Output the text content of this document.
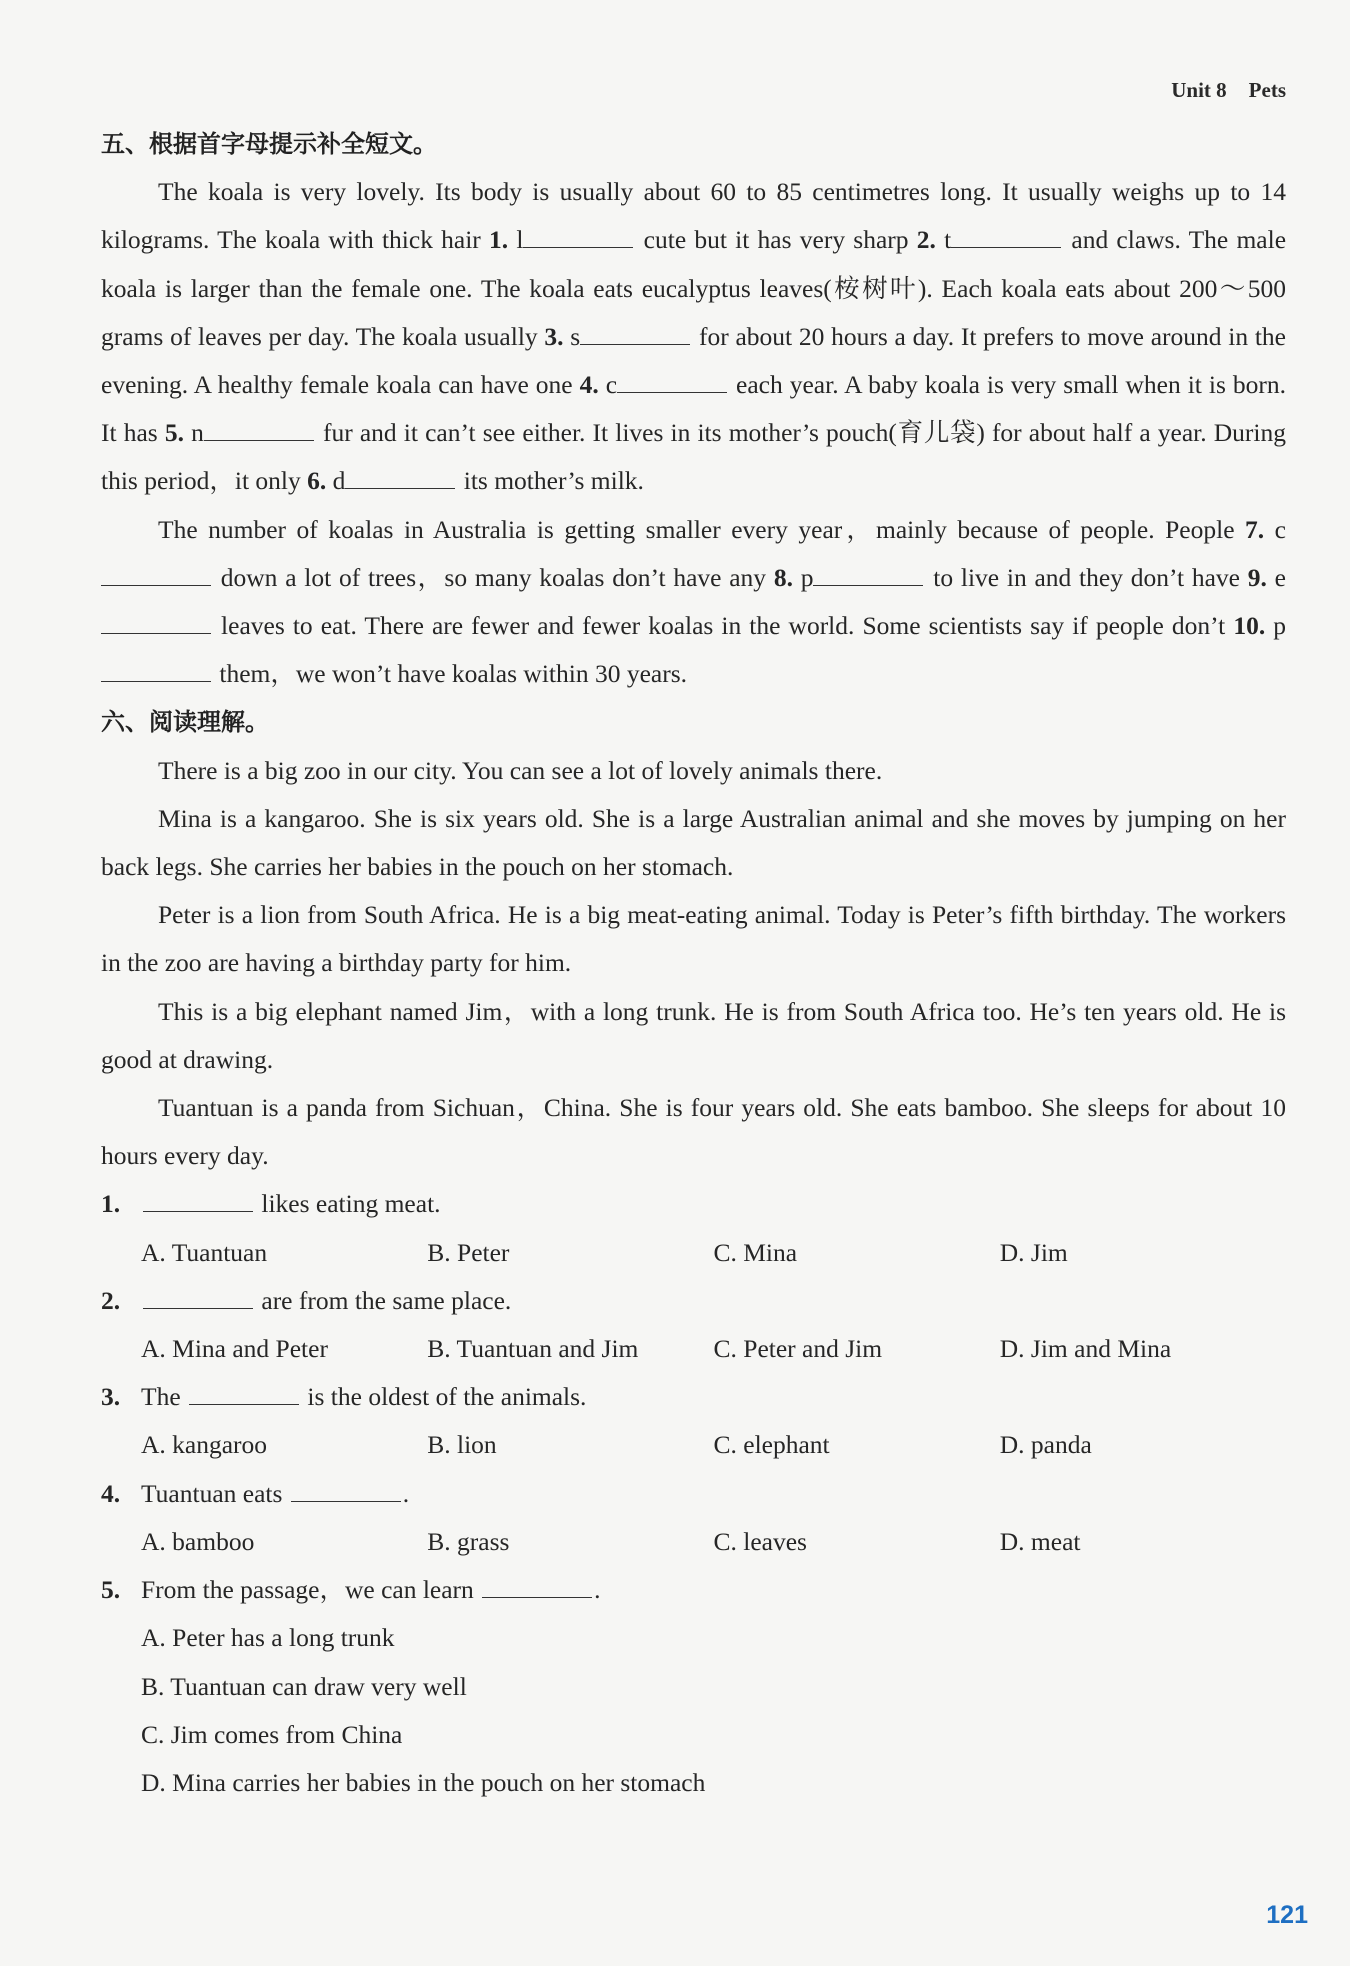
Unit 8 Pets
五、根据首字母提示补全短文。

The koala is very lovely. Its body is usually about 60 to 85 centimetres long. It usually weighs up to 14 kilograms. The koala with thick hair 1. l	cute but it has very sharp 2. t	and claws. The male koala is larger than the female one. The koala eats eucalyptus leaves(桉树叶). Each koala eats about 200～500 grams of leaves per day. The koala usually 3. s	for about 20 hours a day. It prefers to move around in the evening. A healthy female koala can have one 4. c	each year. A baby koala is very small when it is born. It has 5. n	fur and it can’t see either. It lives in its mother’s pouch(育儿袋) for about half a year. During this period，it only 6. d	its mother’s milk.

The number of koalas in Australia is getting smaller every year，mainly because of people. People 7. c down a lot of trees，so many koalas don’t have any 8. p	to live in and they don’t have 9. e leaves to eat. There are fewer and fewer koalas in the world. Some scientists say if people don’t 10. p them，we won’t have koalas within 30 years.

六、阅读理解。

There is a big zoo in our city. You can see a lot of lovely animals there.

Mina is a kangaroo. She is six years old. She is a large Australian animal and she moves by jumping on her back legs. She carries her babies in the pouch on her stomach.

Peter is a lion from South Africa. He is a big meat-eating animal. Today is Peter’s fifth birthday. The workers in the zoo are having a birthday party for him.

This is a big elephant named Jim，with a long trunk. He is from South Africa too. He’s ten years old. He is good at drawing.

Tuantuan is a panda from Sichuan，China. She is four years old. She eats bamboo. She sleeps for about 10 hours every day.

1.	likes eating meat.

A. Tuantuan	B. Peter	C. Mina	D. Jim

2.	are from the same place.

A. Mina and Peter	B. Tuantuan and Jim	C. Peter and Jim	D. Jim and Mina

3. The	is the oldest of the animals.

A. kangaroo	B. lion	C. elephant	D. panda

4. Tuantuan eats	.

A. bamboo	B. grass	C. leaves	D. meat

5. From the passage，we can learn	.

A. Peter has a long trunk

B. Tuantuan can draw very well

C. Jim comes from China

D. Mina carries her babies in the pouch on her stomach

121
